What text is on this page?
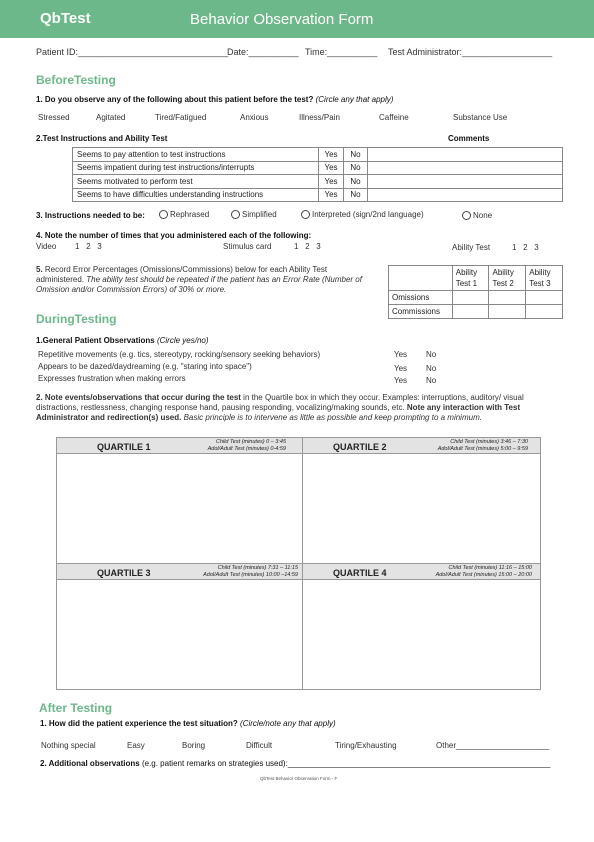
QbTest	Behavior Observation Form
Patient ID:______________________________
Date:__________ Time:__________ Test Administrator:__________________
BeforeTesting
1. Do you observe any of the following about this patient before the test? (Circle any that apply)
Stressed	Agitated	Tired/Fatigued	Anxious	Illness/Pain	Caffeine	Substance Use
2.Test Instructions and Ability Test	Comments
Seems to pay attention to test instructions	Yes	No	
Seems impatient during test instructions/interrupts	Yes	No	
Seems motivated to perform test	Yes	No	
Seems to have difficulties understanding instructions	Yes	No	
3. Instructions needed to be:	Rephrased	Simplified	Interpreted (sign/2nd language)	None
4. Note the number of times that you administered each of the following:
Video 1   2   3	Stimulus card	1   2   3	Ability Test	1   2   3
5. Record Error Percentages (Omissions/Commissions) below for each Ability Test administered. The ability test should be repeated if the patient has an Error Rate (Number of Omission and/or Commission Errors) of 30% or more.
	Ability Test 1	Ability Test 2	Ability Test 3
Omissions			
Commissions			
DuringTesting
1.General Patient Observations (Circle yes/no)
Repetitive movements (e.g. tics, stereotypy, rocking/sensory seeking behaviors)	Yes No
Appears to be dazed/daydreaming (e.g. "staring into space")	Yes No
Expresses frustration when making errors	Yes No
2. Note events/observations that occur during the test in the Quartile box in which they occur. Examples: interruptions, auditory/ visual distractions, restlessness, changing response hand, pausing responding, vocalizing/making sounds, etc. Note any interaction with Test Administrator and redirection(s) used. Basic principle is to intervene as little as possible and keep prompting to a minimum.
QUARTILE 1	Child Test (minutes) 0 – 3:45
Adol/Adult Test (minutes) 0-4:59	QUARTILE 2	Child Test (minutes) 3:46 – 7:30
Adol/Adult Test (minutes) 5:00 – 9:59
QUARTILE 3	Child Test (minutes) 7:31 – 11:15
Adol/Adult Test (minutes) 10:00 –14:59	QUARTILE 4	Child Test (minutes) 11:16 – 15:00
Adol/Adult Test (minutes) 15:00 – 20:00
After Testing
1. How did the patient experience the test situation? (Circle/note any that apply)
Nothing special	Easy	Boring	Difficult	Tiring/Exhausting	Other_____________________
2. Additional observations (e.g. patient remarks on strategies used):___________________________________________________________
QbTest Behavior Observation Form - F
